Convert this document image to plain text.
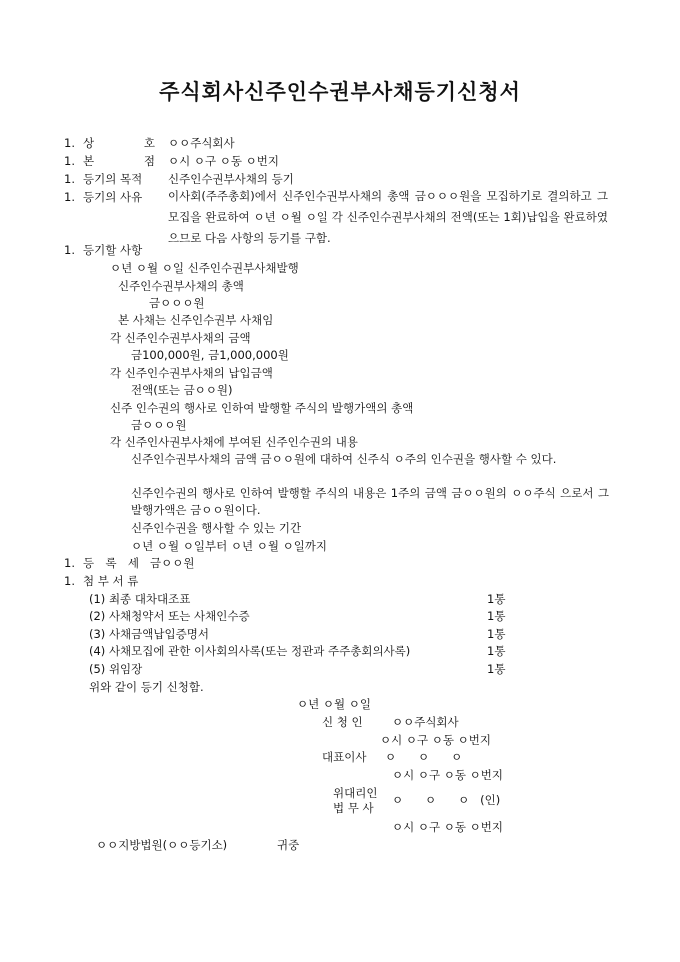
주식회사신주인수권부사채등기신청서
1. 상	호 ㅇㅇ주식회사
1. 본	점 ㅇ시 ㅇ구 ㅇ동 ㅇ번지
1. 등기의 목적 신주인수권부사채의 등기
1. 등기의 사유 이사회(주주총회)에서 신주인수권부사채의 총액 금ㅇㅇㅇ원을 모집하기로 결의하고 그 모집을 완료하여 ㅇ년 ㅇ월 ㅇ일 각 신주인수권부사채의 전액(또는 1회)납입을 완료하였으므로 다음 사항의 등기를 구함.
1. 등기할 사항
ㅇ년 ㅇ월 ㅇ일 신주인수권부사채발행
신주인수권부사채의 총액
금ㅇㅇㅇ원
본 사채는 신주인수권부 사채임
각 신주인수권부사채의 금액
금100,000원, 금1,000,000원
각 신주인수권부사채의 납입금액
전액(또는 금ㅇㅇ원)
신주 인수권의 행사로 인하여 발행할 주식의 발행가액의 총액
금ㅇㅇㅇ원
각 신주인사권부사채에 부여된 신주인수권의 내용
신주인수권부사채의 금액 금ㅇㅇ원에 대하여 신주식 ㅇ주의 인수권을 행사할 수 있다.
신주인수권의 행사로 인하여 발행할 주식의 내용은 1주의 금액 금ㅇㅇ원의 ㅇㅇ주식 으로서 그 발행가액은 금ㅇㅇ원이다.
신주인수권을 행사할 수 있는 기간
ㅇ년 ㅇ월 ㅇ일부터 ㅇ년 ㅇ월 ㅇ일까지
1. 등 록 세 금ㅇㅇ원
1. 첨 부 서 류
(1) 최종 대차대조표	1통
(2) 사채청약서 또는 사채인수증	1통
(3) 사채금액납입증명서	1통
(4) 사채모집에 관한 이사회의사록(또는 정관과 주주총회의사록)	1통
(5) 위임장	1통
위와 같이 등기 신청함.
ㅇ년 ㅇ월 ㅇ일
신 청 인	ㅇㅇ주식회사
ㅇ시 ㅇ구 ㅇ동 ㅇ번지
대표이사 ㅇ      ㅇ      ㅇ
ㅇ시 ㅇ구 ㅇ동 ㅇ번지
위대리인
법 무 사
ㅇ      ㅇ      ㅇ   (인)
ㅇ시 ㅇ구 ㅇ동 ㅇ번지
ㅇㅇ지방법원(ㅇㅇ등기소)	귀중
